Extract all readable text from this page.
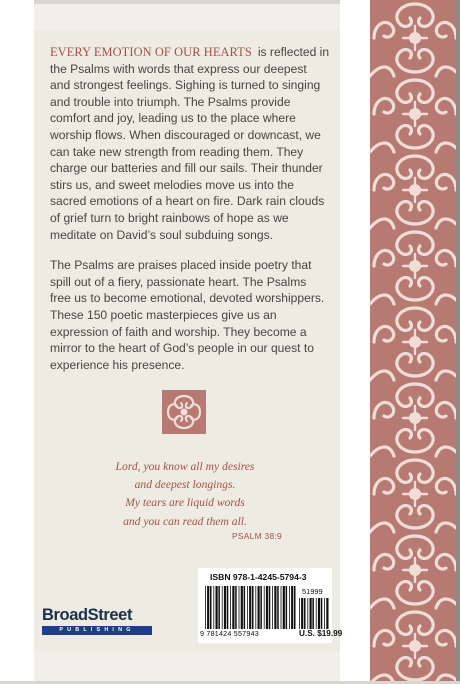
EVERY EMOTION OF OUR HEARTS is reflected in the Psalms with words that express our deepest and strongest feelings. Sighing is turned to singing and trouble into triumph. The Psalms provide comfort and joy, leading us to the place where worship flows. When discouraged or downcast, we can take new strength from reading them. They charge our batteries and fill our sails. Their thunder stirs us, and sweet melodies move us into the sacred emotions of a heart on fire. Dark rain clouds of grief turn to bright rainbows of hope as we meditate on David’s soul subduing songs.

The Psalms are praises placed inside poetry that spill out of a fiery, passionate heart. The Psalms free us to become emotional, devoted worshippers. These 150 poetic masterpieces give us an expression of faith and worship. They become a mirror to the heart of God’s people in our quest to experience his presence.

Lord, you know all my desires
and deepest longings.
My tears are liquid words
and you can read them all.
PSALM 38:9
ISBN 978-1-4245-5794-3
51999
9 781424 557943	U.S. $19.99
BroadStreet
PUBLISHING
